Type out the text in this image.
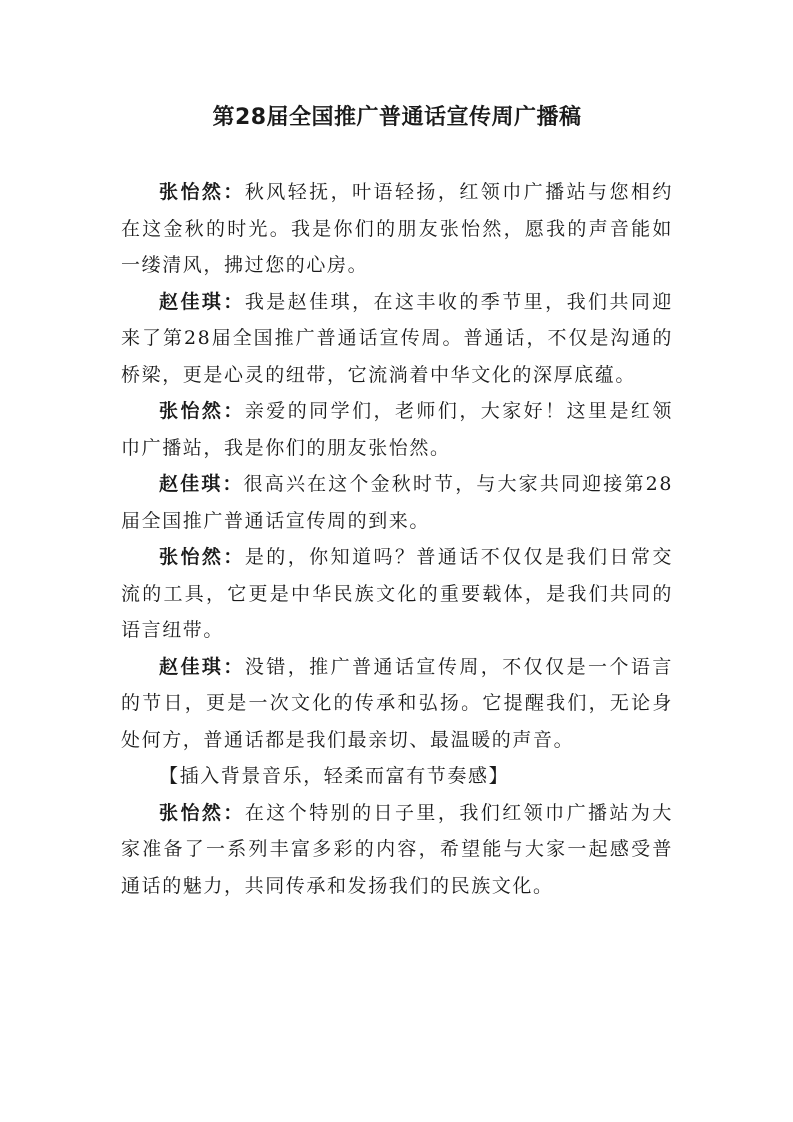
第28届全国推广普通话宣传周广播稿

张怡然：秋风轻抚，叶语轻扬，红领巾广播站与您相约在这金秋的时光。我是你们的朋友张怡然，愿我的声音能如一缕清风，拂过您的心房。

赵佳琪：我是赵佳琪，在这丰收的季节里，我们共同迎来了第28届全国推广普通话宣传周。普通话，不仅是沟通的桥梁，更是心灵的纽带，它流淌着中华文化的深厚底蕴。

张怡然：亲爱的同学们，老师们，大家好！这里是红领巾广播站，我是你们的朋友张怡然。

赵佳琪：很高兴在这个金秋时节，与大家共同迎接第28届全国推广普通话宣传周的到来。

张怡然：是的，你知道吗？普通话不仅仅是我们日常交流的工具，它更是中华民族文化的重要载体，是我们共同的语言纽带。

赵佳琪：没错，推广普通话宣传周，不仅仅是一个语言的节日，更是一次文化的传承和弘扬。它提醒我们，无论身处何方，普通话都是我们最亲切、最温暖的声音。

【插入背景音乐，轻柔而富有节奏感】

张怡然：在这个特别的日子里，我们红领巾广播站为大家准备了一系列丰富多彩的内容，希望能与大家一起感受普通话的魅力，共同传承和发扬我们的民族文化。
